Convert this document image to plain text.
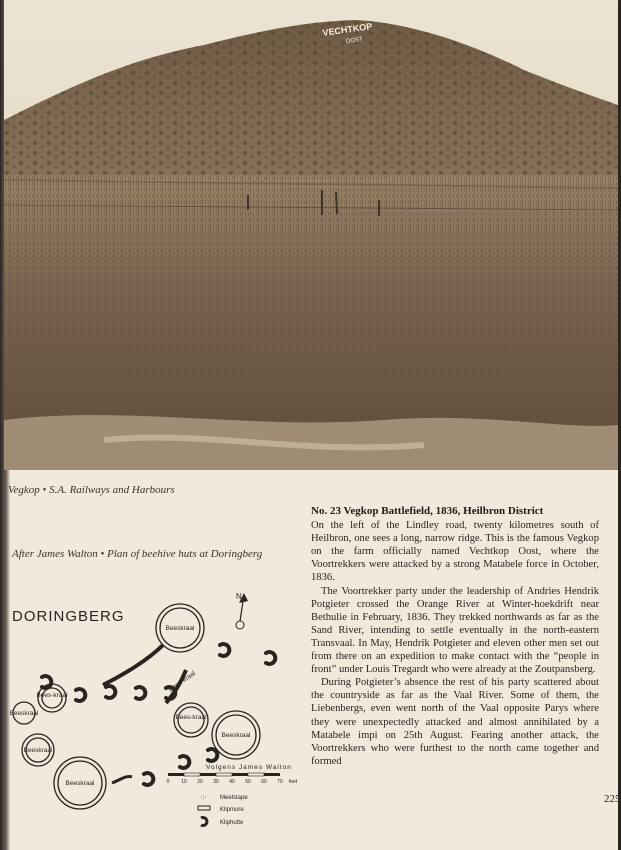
VECHTKOP
OOST
Vegkop • S.A. Railways and Harbours
After James Walton • Plan of beehive huts at Doringberg
DORINGBERG
Beeskraal
Beeskraal
Beeskraal
Beeskraal
Beeskraal
Bees-kraal
Bees-kraal
Bees-kraal
N
Volgens James Walton
0 10 20 30 40 50 60 70 feet
·:· Meelstape
Klipmure
Kliphutte
No. 23 Vegkop Battlefield, 1836, Heilbron District

On the left of the Lindley road, twenty kilometres south of Heilbron, one sees a long, narrow ridge. This is the famous Vegkop on the farm officially named Vechtkop Oost, where the Voortrekkers were attacked by a strong Matabele force in October, 1836.

The Voortrekker party under the leadership of Andries Hendrik Potgieter crossed the Orange River at Winter-hoekdrift near Bethulie in February, 1836. They trekked northwards as far as the Sand River, intending to settle eventually in the north-eastern Transvaal. In May, Hendrik Potgieter and eleven other men set out from there on an expedition to make contact with the “people in front” under Louis Tregardt who were already at the Zoutpansberg.

During Potgieter’s absence the rest of his party scattered about the countryside as far as the Vaal River. Some of them, the Liebenbergs, even went north of the Vaal opposite Parys where they were unexpectedly attacked and almost annihilated by a Matabele impi on 25th August. Fearing another attack, the Voortrekkers who were furthest to the north came together and formed

225
